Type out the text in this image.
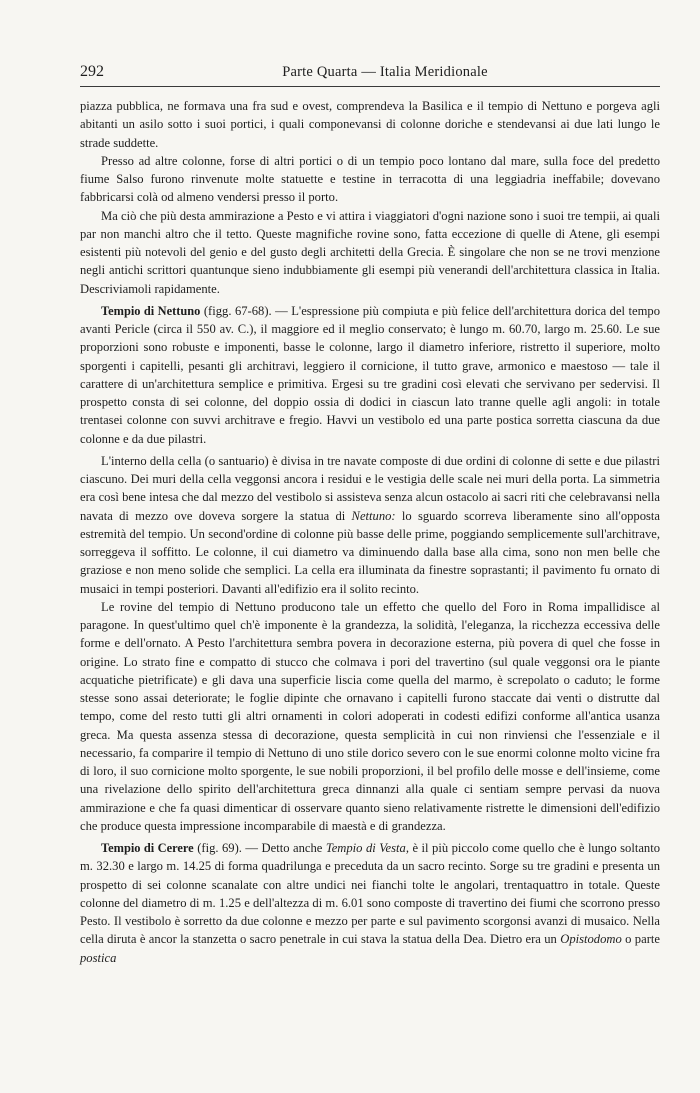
292	Parte Quarta — Italia Meridionale

piazza pubblica, ne formava una fra sud e ovest, comprendeva la Basilica e il tempio di Nettuno e porgeva agli abitanti un asilo sotto i suoi portici, i quali componevansi di colonne doriche e stendevansi ai due lati lungo le strade suddette.

Presso ad altre colonne, forse di altri portici o di un tempio poco lontano dal mare, sulla foce del predetto fiume Salso furono rinvenute molte statuette e testine in terracotta di una leggiadria ineffabile; dovevano fabbricarsi colà od almeno vendersi presso il porto.

Ma ciò che più desta ammirazione a Pesto e vi attira i viaggiatori d'ogni nazione sono i suoi tre tempii, ai quali par non manchi altro che il tetto. Queste magnifiche rovine sono, fatta eccezione di quelle di Atene, gli esempi esistenti più notevoli del genio e del gusto degli architetti della Grecia. È singolare che non se ne trovi menzione negli antichi scrittori quantunque sieno indubbiamente gli esempi più venerandi dell'architettura classica in Italia. Descriviamoli rapidamente.

Tempio di Nettuno (figg. 67-68). — L'espressione più compiuta e più felice dell'architettura dorica del tempo avanti Pericle (circa il 550 av. C.), il maggiore ed il meglio conservato; è lungo m. 60.70, largo m. 25.60. Le sue proporzioni sono robuste e imponenti, basse le colonne, largo il diametro inferiore, ristretto il superiore, molto sporgenti i capitelli, pesanti gli architravi, leggiero il cornicione, il tutto grave, armonico e maestoso — tale il carattere di un'architettura semplice e primitiva. Ergesi su tre gradini così elevati che servivano per sedervisi. Il prospetto consta di sei colonne, del doppio ossia di dodici in ciascun lato tranne quelle agli angoli: in totale trentasei colonne con suvvi architrave e fregio. Havvi un vestibolo ed una parte postica sorretta ciascuna da due colonne e da due pilastri.

L'interno della cella (o santuario) è divisa in tre navate composte di due ordini di colonne di sette e due pilastri ciascuno. Dei muri della cella veggonsi ancora i residui e le vestigia delle scale nei muri della porta. La simmetria era così bene intesa che dal mezzo del vestibolo si assisteva senza alcun ostacolo ai sacri riti che celebravansi nella navata di mezzo ove doveva sorgere la statua di Nettuno: lo sguardo scorreva liberamente sino all'opposta estremità del tempio. Un second'ordine di colonne più basse delle prime, poggiando semplicemente sull'architrave, sorreggeva il soffitto. Le colonne, il cui diametro va diminuendo dalla base alla cima, sono non men belle che graziose e non meno solide che semplici. La cella era illuminata da finestre soprastanti; il pavimento fu ornato di musaici in tempi posteriori. Davanti all'edifizio era il solito recinto.

Le rovine del tempio di Nettuno producono tale un effetto che quello del Foro in Roma impallidisce al paragone. In quest'ultimo quel ch'è imponente è la grandezza, la solidità, l'eleganza, la ricchezza eccessiva delle forme e dell'ornato. A Pesto l'architettura sembra povera in decorazione esterna, più povera di quel che fosse in origine. Lo strato fine e compatto di stucco che colmava i pori del travertino (sul quale veggonsi ora le piante acquatiche pietrificate) e gli dava una superficie liscia come quella del marmo, è screpolato o caduto; le forme stesse sono assai deteriorate; le foglie dipinte che ornavano i capitelli furono staccate dai venti o distrutte dal tempo, come del resto tutti gli altri ornamenti in colori adoperati in codesti edifizi conforme all'antica usanza greca. Ma questa assenza stessa di decorazione, questa semplicità in cui non rinviensi che l'essenziale e il necessario, fa comparire il tempio di Nettuno di uno stile dorico severo con le sue enormi colonne molto vicine fra di loro, il suo cornicione molto sporgente, le sue nobili proporzioni, il bel profilo delle mosse e dell'insieme, come una rivelazione dello spirito dell'architettura greca dinnanzi alla quale ci sentiam sempre pervasi da nuova ammirazione e che fa quasi dimenticar di osservare quanto sieno relativamente ristrette le dimensioni dell'edifizio che produce questa impressione incomparabile di maestà e di grandezza.

Tempio di Cerere (fig. 69). — Detto anche Tempio di Vesta, è il più piccolo come quello che è lungo soltanto m. 32.30 e largo m. 14.25 di forma quadrilunga e preceduta da un sacro recinto. Sorge su tre gradini e presenta un prospetto di sei colonne scanalate con altre undici nei fianchi tolte le angolari, trentaquattro in totale. Queste colonne del diametro di m. 1.25 e dell'altezza di m. 6.01 sono composte di travertino dei fiumi che scorrono presso Pesto. Il vestibolo è sorretto da due colonne e mezzo per parte e sul pavimento scorgonsi avanzi di musaico. Nella cella diruta è ancor la stanzetta o sacro penetrale in cui stava la statua della Dea. Dietro era un Opistodomo o parte postica
